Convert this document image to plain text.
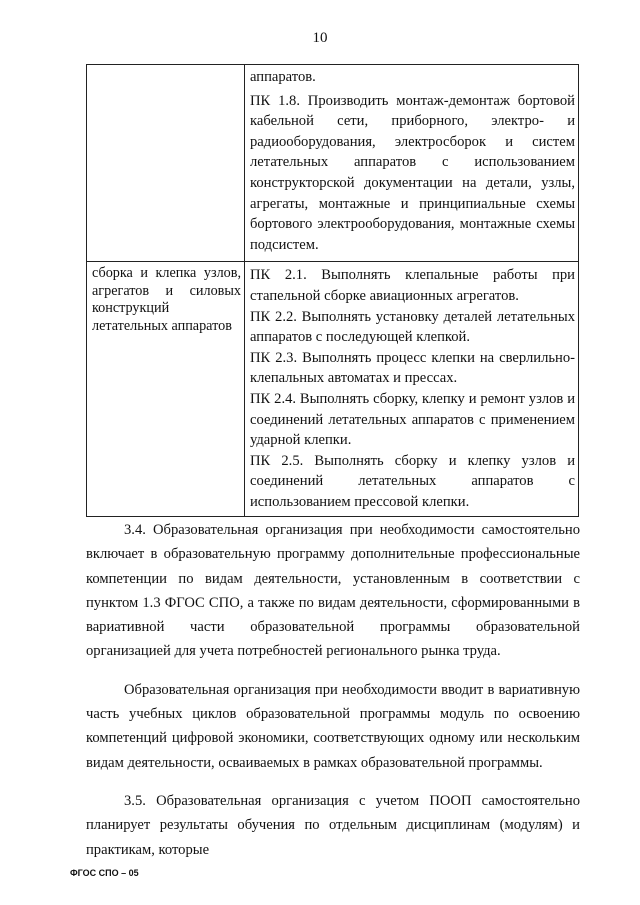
10

	аппаратов.

ПК 1.8. Производить монтаж-демонтаж бортовой кабельной сети, приборного, электро- и радиооборудования, электросборок и систем летательных аппаратов с использованием конструкторской документации на детали, узлы, агрегаты, монтажные и принципиальные схемы бортового электрооборудования, монтажные схемы подсистем.

сборка и клепка узлов, агрегатов и силовых конструкций летательных аппаратов	ПК 2.1. Выполнять клепальные работы при стапельной сборке авиационных агрегатов.

ПК 2.2. Выполнять установку деталей летательных аппаратов с последующей клепкой.

ПК 2.3. Выполнять процесс клепки на сверлильно-клепальных автоматах и прессах.

ПК 2.4. Выполнять сборку, клепку и ремонт узлов и соединений летательных аппаратов с применением ударной клепки.

ПК 2.5. Выполнять сборку и клепку узлов и соединений летательных аппаратов с использованием прессовой клепки.

3.4. Образовательная организация при необходимости самостоятельно включает в образовательную программу дополнительные профессиональные компетенции по видам деятельности, установленным в соответствии с пунктом 1.3 ФГОС СПО, а также по видам деятельности, сформированными в вариативной части образовательной программы образовательной организацией для учета потребностей регионального рынка труда.

Образовательная организация при необходимости вводит в вариативную часть учебных циклов образовательной программы модуль по освоению компетенций цифровой экономики, соответствующих одному или нескольким видам деятельности, осваиваемых в рамках образовательной программы.

3.5. Образовательная организация с учетом ПООП самостоятельно планирует результаты обучения по отдельным дисциплинам (модулям) и практикам, которые

ФГОС СПО – 05
